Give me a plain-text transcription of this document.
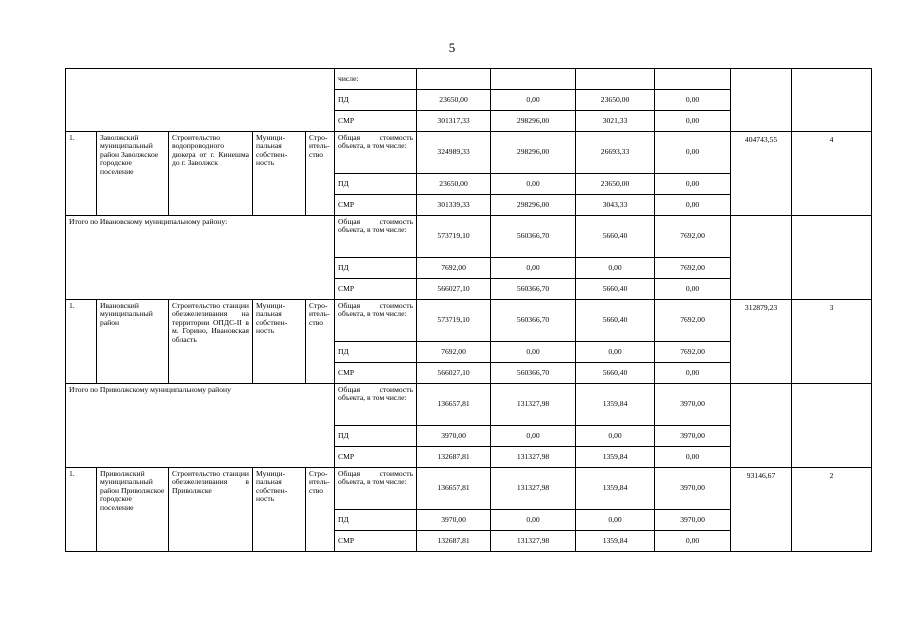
5
					числе:						
					ПД	23650,00	0,00	23650,00	0,00		
					СМР	301317,33	298296,00	3021,33	0,00		
1.	Заволжский муниципальный район Заволжское городское поселение	Строительство водопроводного дюкера от г. Кинешма до г. Заволжск	Муници-пальная собствен-ность	Стро-итель-ство	Общая стоимость объекта, в том числе:	324989,33	298296,00	26693,33	0,00	404743,55	4
					ПД	23650,00	0,00	23650,00	0,00		
					СМР	301339,33	298296,00	3043,33	0,00		
Итого по Ивановскому муниципальному району:					Общая стоимость объекта, в том числе:	573719,10	560366,70	5660,40	7692,00		
					ПД	7692,00	0,00	0,00	7692,00		
					СМР	566027,10	560366,70	5660,40	0,00		
1.	Ивановский муниципальный район	Строительство станции обезжелезивания на территории ОПДС-II в м. Горино, Ивановская область	Муници-пальная собствен-ность	Стро-итель-ство	Общая стоимость объекта, в том числе:	573719,10	560366,70	5660,40	7692,00	312879,23	3
					ПД	7692,00	0,00	0,00	7692,00		
					СМР	566027,10	560366,70	5660,40	0,00		
Итого по Приволжскому муниципальному району					Общая стоимость объекта, в том числе:	136657,81	131327,98	1359,84	3970,00		
					ПД	3970,00	0,00	0,00	3970,00		
					СМР	132687,81	131327,98	1359,84	0,00		
1.	Приволжский муниципальный район Приволжское городское поселение	Строительство станции обезжелезивания в Приволжске	Муници-пальная собствен-ность	Стро-итель-ство	Общая стоимость объекта, в том числе:	136657,81	131327,98	1359,84	3970,00	93146,67	2
					ПД	3970,00	0,00	0,00	3970,00		
					СМР	132687,81	131327,98	1359,84	0,00		
